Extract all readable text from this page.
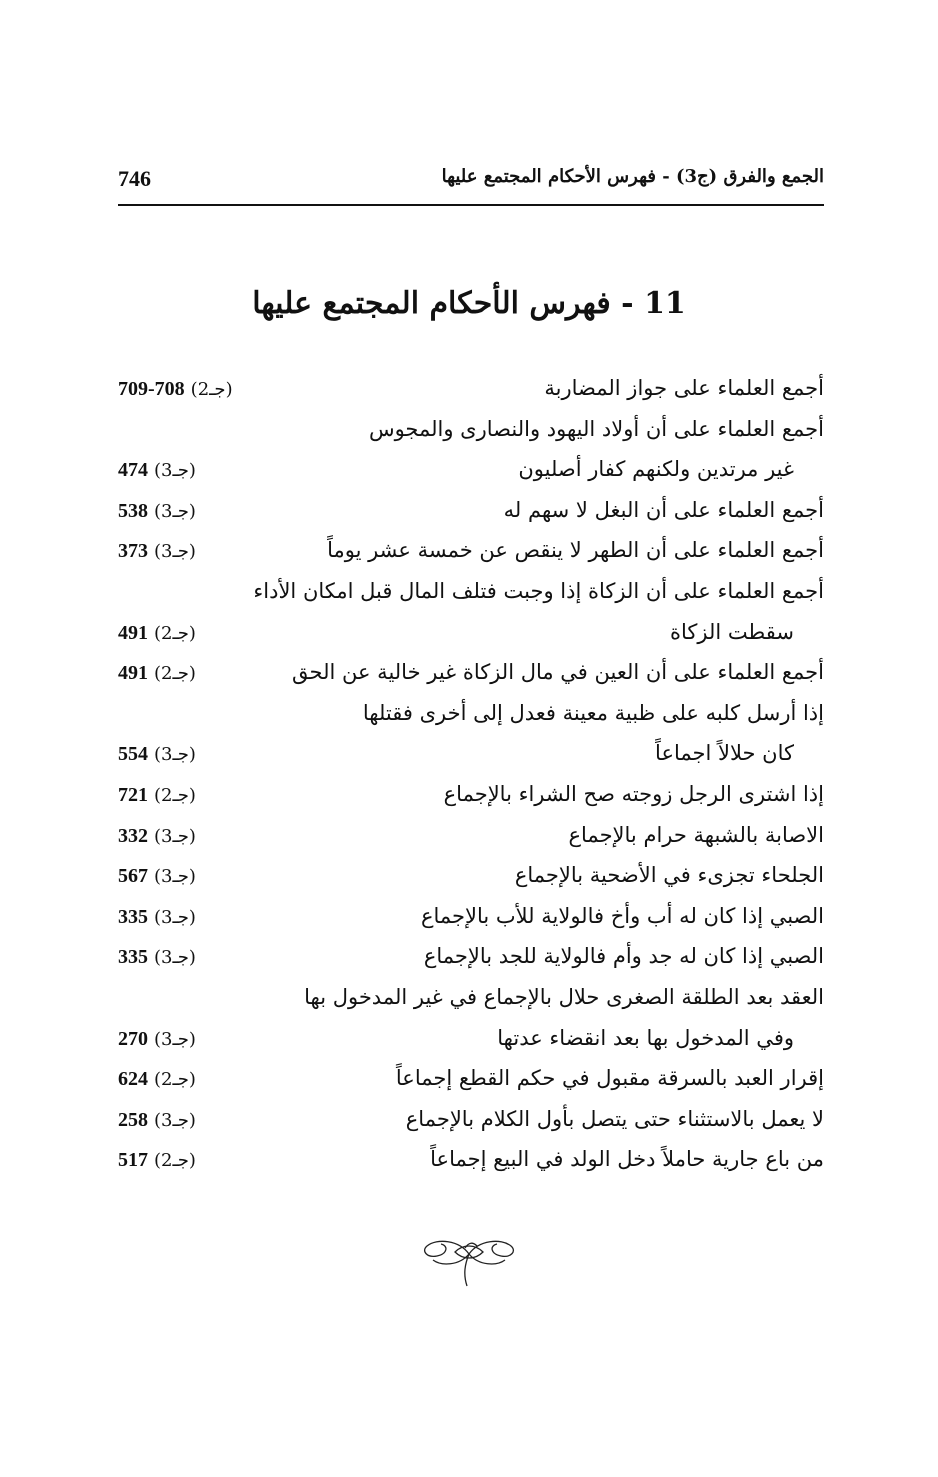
746	الجمع والفرق (ج3) - فهرس الأحكام المجتمع عليها
11 - فهرس الأحكام المجتمع عليها
أجمع العلماء على جواز المضاربة
709-708 (جـ2)
أجمع العلماء على أن أولاد اليهود والنصارى والمجوس
غير مرتدين ولكنهم كفار أصليون
474 (جـ3)
أجمع العلماء على أن البغل لا سهم له
538 (جـ3)
أجمع العلماء على أن الطهر لا ينقص عن خمسة عشر يوماً
373 (جـ3)
أجمع العلماء على أن الزكاة إذا وجبت فتلف المال قبل امكان الأداء
سقطت الزكاة
491 (جـ2)
أجمع العلماء على أن العين في مال الزكاة غير خالية عن الحق
491 (جـ2)
إذا أرسل كلبه على ظبية معينة فعدل إلى أخرى فقتلها
كان حلالاً اجماعاً
554 (جـ3)
إذا اشترى الرجل زوجته صح الشراء بالإجماع
721 (جـ2)
الاصابة بالشبهة حرام بالإجماع
332 (جـ3)
الجلحاء تجزىء في الأضحية بالإجماع
567 (جـ3)
الصبي إذا كان له أب وأخ فالولاية للأب بالإجماع
335 (جـ3)
الصبي إذا كان له جد وأم فالولاية للجد بالإجماع
335 (جـ3)
العقد بعد الطلقة الصغرى حلال بالإجماع في غير المدخول بها
وفي المدخول بها بعد انقضاء عدتها
270 (جـ3)
إقرار العبد بالسرقة مقبول في حكم القطع إجماعاً
624 (جـ2)
لا يعمل بالاستثناء حتى يتصل بأول الكلام بالإجماع
258 (جـ3)
من باع جارية حاملاً دخل الولد في البيع إجماعاً
517 (جـ2)
